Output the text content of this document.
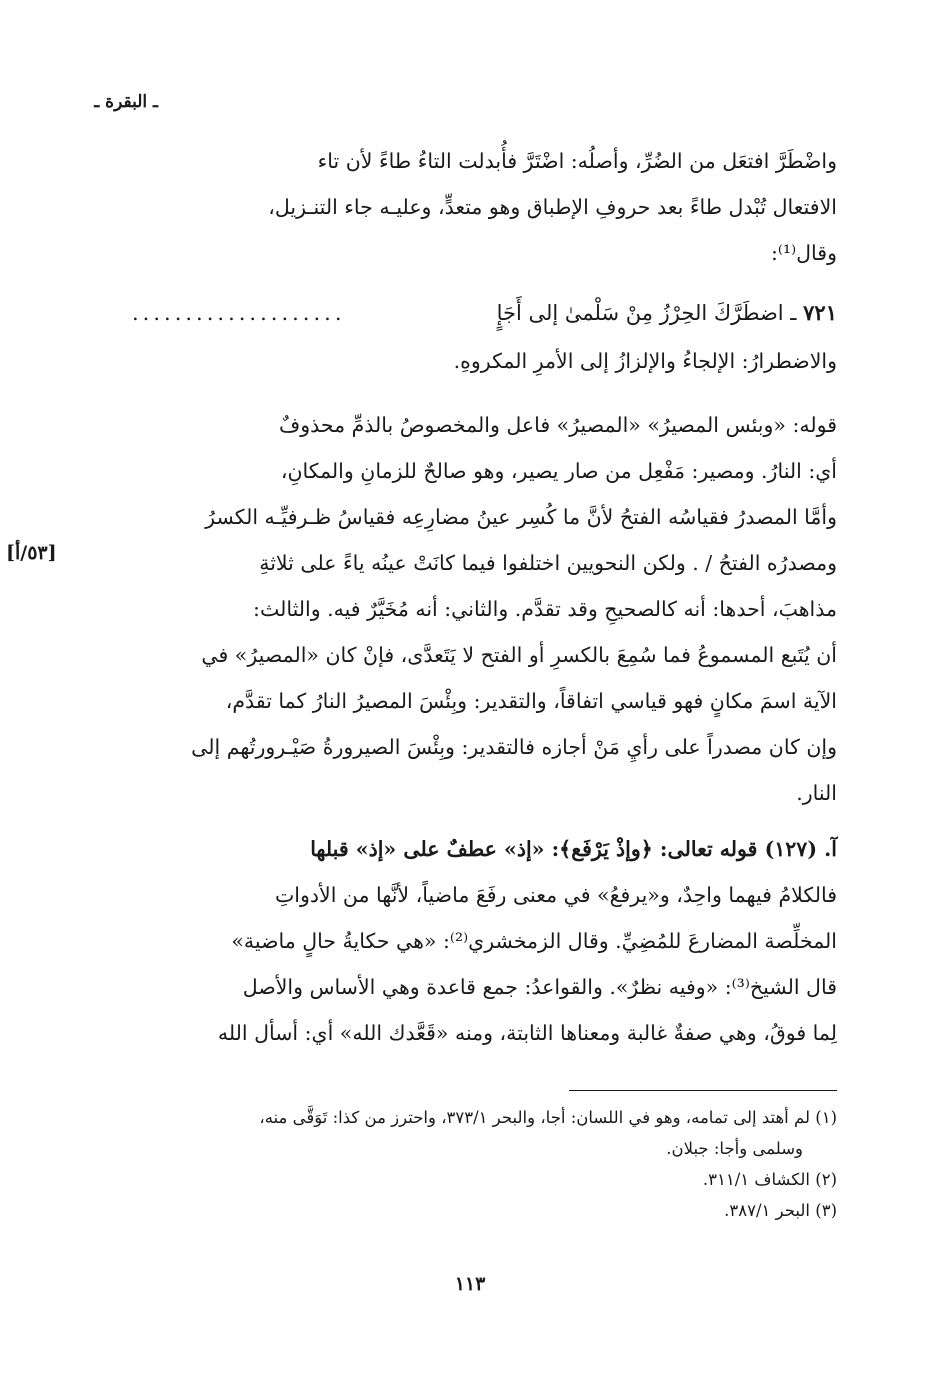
ـ البقرة ـ
واضْطَرَّ افتعَل من الضُرِّ، وأصلُه: اضْتَرَّ فأُبدلت التاءُ طاءً لأن تاء
الافتعال تُبْدل طاءً بعد حروفِ الإطباق وهو متعدٍّ، وعليـه جاء التنـزيل،
وقال⁽¹⁾:
٧٢١ ـ اضطَرَّكَ الحِرْزُ مِنْ سَلْمىٰ إلى أَجَإٍ
....................
والاضطرارُ: الإلجاءُ والإلزازُ إلى الأمرِ المكروهِ.
قوله: «وبئس المصيرُ» «المصيرُ» فاعل والمخصوصُ بالذمِّ محذوفٌ
أي: النارُ. ومصير: مَفْعِل من صار يصير، وهو صالحٌ للزمانِ والمكانِ،
وأمَّا المصدرُ فقياسُه الفتحُ لأنَّ ما كُسِر عينُ مضارِعِه فقياسُ ظـرفيِّـه الكسرُ
ومصدرُه الفتحُ / . ولكن النحويين اختلفوا فيما كانَتْ عينُه ياءً على ثلاثةِ
مذاهبَ، أحدها: أنه كالصحيحِ وقد تقدَّم. والثاني: أنه مُخَيَّرٌ فيه. والثالث:
أن يُتَبع المسموعُ فما سُمِعَ بالكسرِ أو الفتح لا يَتَعدَّى، فإنْ كان «المصيرُ» في
الآية اسمَ مكانٍ فهو قياسي اتفاقاً، والتقدير: وبِئْسَ المصيرُ النارُ كما تقدَّم،
وإن كان مصدراً على رأيِ مَنْ أجازه فالتقدير: وبِئْسَ الصيرورةُ صَيْـرورتُهم إلى
النار.
[٥٣/أ]
آ. (١٢٧) قوله تعالى: ﴿وإذْ يَرْفَع﴾: «إذ» عطفٌ على «إذ» قبلها
فالكلامُ فيهما واحِدٌ، و«يرفعُ» في معنى رفَعَ ماضياً، لأنَّها من الأدواتِ
المخلِّصة المضارعَ للمُضِيِّ. وقال الزمخشري⁽²⁾: «هي حكايةُ حالٍ ماضية»
قال الشيخ⁽³⁾: «وفيه نظرٌ». والقواعدُ: جمع قاعدة وهي الأساس والأصل
لِما فوقُ، وهي صفةٌ غالبة ومعناها الثابتة، ومنه «قَعَّدك الله» أي: أسأل الله
(١) لم أهتد إلى تمامه، وهو في اللسان: أجا، والبحر ٣٧٣/١، واحترز من كذا: تَوَقَّى منه،
وسلمى وأجا: جبلان.
(٢) الكشاف ٣١١/١.
(٣) البحر ٣٨٧/١.
١١٣
